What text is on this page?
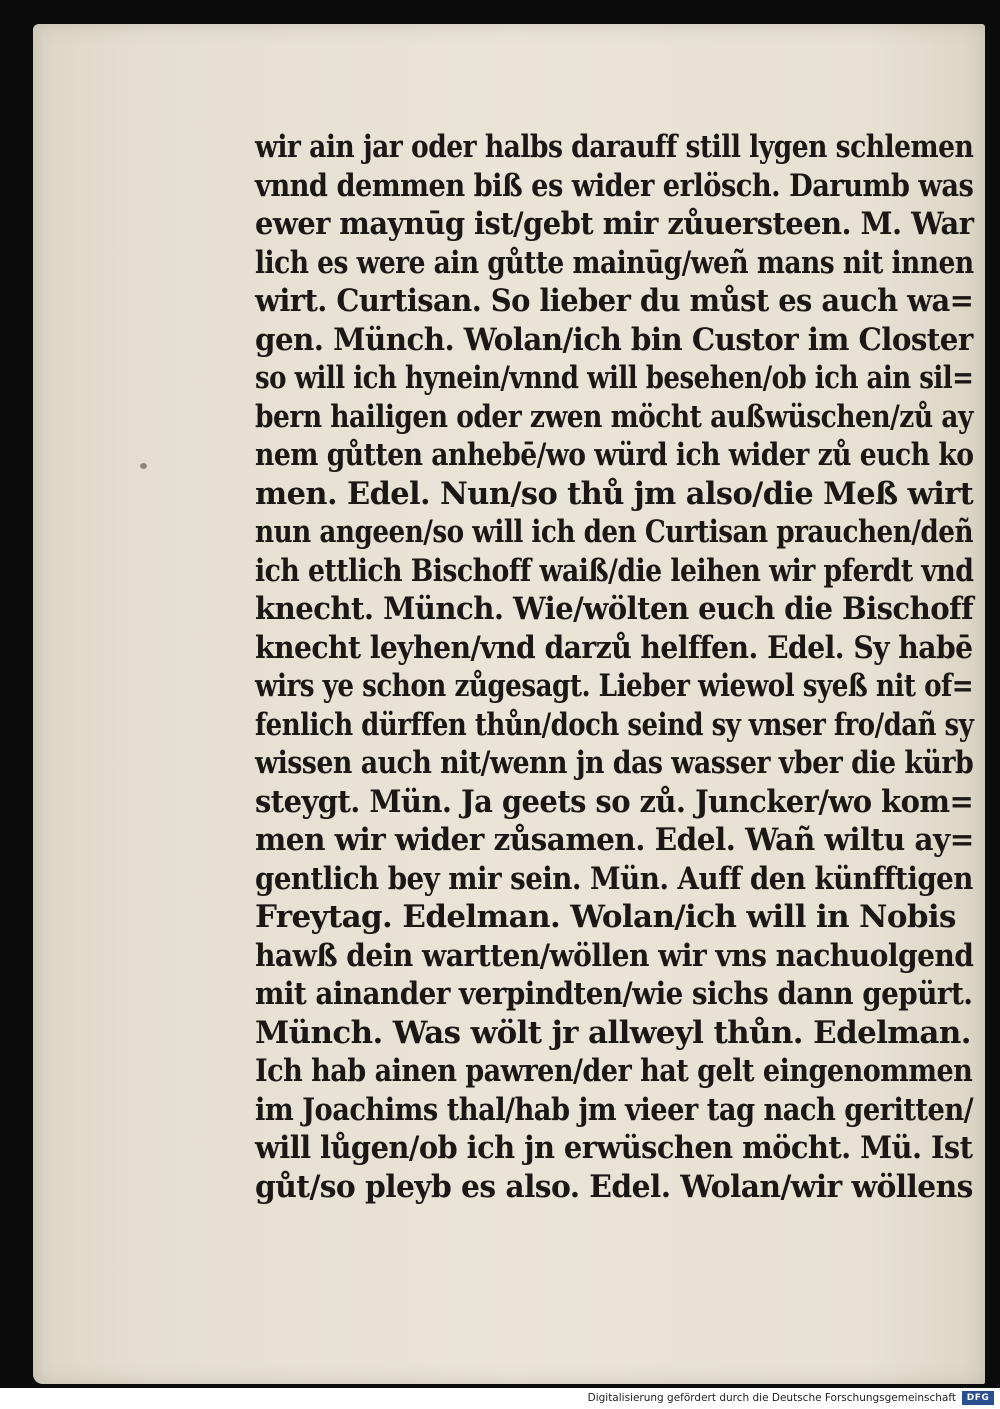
wir ain jar oder halbs darauff still lygen schlemen
vnnd demmen biß es wider erlösch. Darumb was
ewer maynūg ist/gebt mir zůuersteen. M. War
lich es were ain gůtte mainūg/weñ mans nit innen
wirt. Curtisan. So lieber du můst es auch wa=
gen. Münch. Wolan/ich bin Custor im Closter
so will ich hynein/vnnd will besehen/ob ich ain sil=
bern hailigen oder zwen möcht außwüschen/zů ay
nem gůtten anhebē/wo würd ich wider zů euch ko
men. Edel. Nun/so thů jm also/die Meß wirt
nun angeen/so will ich den Curtisan prauchen/deñ
ich ettlich Bischoff waiß/die leihen wir pferdt vnd
knecht. Münch. Wie/wölten euch die Bischoff
knecht leyhen/vnd darzů helffen. Edel. Sy habē
wirs ye schon zůgesagt. Lieber wiewol syeß nit of=
fenlich dürffen thůn/doch seind sy vnser fro/dañ sy
wissen auch nit/wenn jn das wasser vber die kürb
steygt. Mün. Ja geets so zů. Juncker/wo kom=
men wir wider zůsamen. Edel. Wañ wiltu ay=
gentlich bey mir sein. Mün. Auff den künfftigen
Freytag. Edelman. Wolan/ich will in Nobis
hawß dein wartten/wöllen wir vns nachuolgend
mit ainander verpindten/wie sichs dann gepürt.
Münch. Was wölt jr allweyl thůn. Edelman.
Ich hab ainen pawren/der hat gelt eingenommen
im Joachims thal/hab jm vieer tag nach geritten/
will lůgen/ob ich jn erwüschen möcht. Mü. Ist
gůt/so pleyb es also. Edel. Wolan/wir wöllens
Digitalisierung gefördert durch die Deutsche Forschungsgemeinschaft	DFG
